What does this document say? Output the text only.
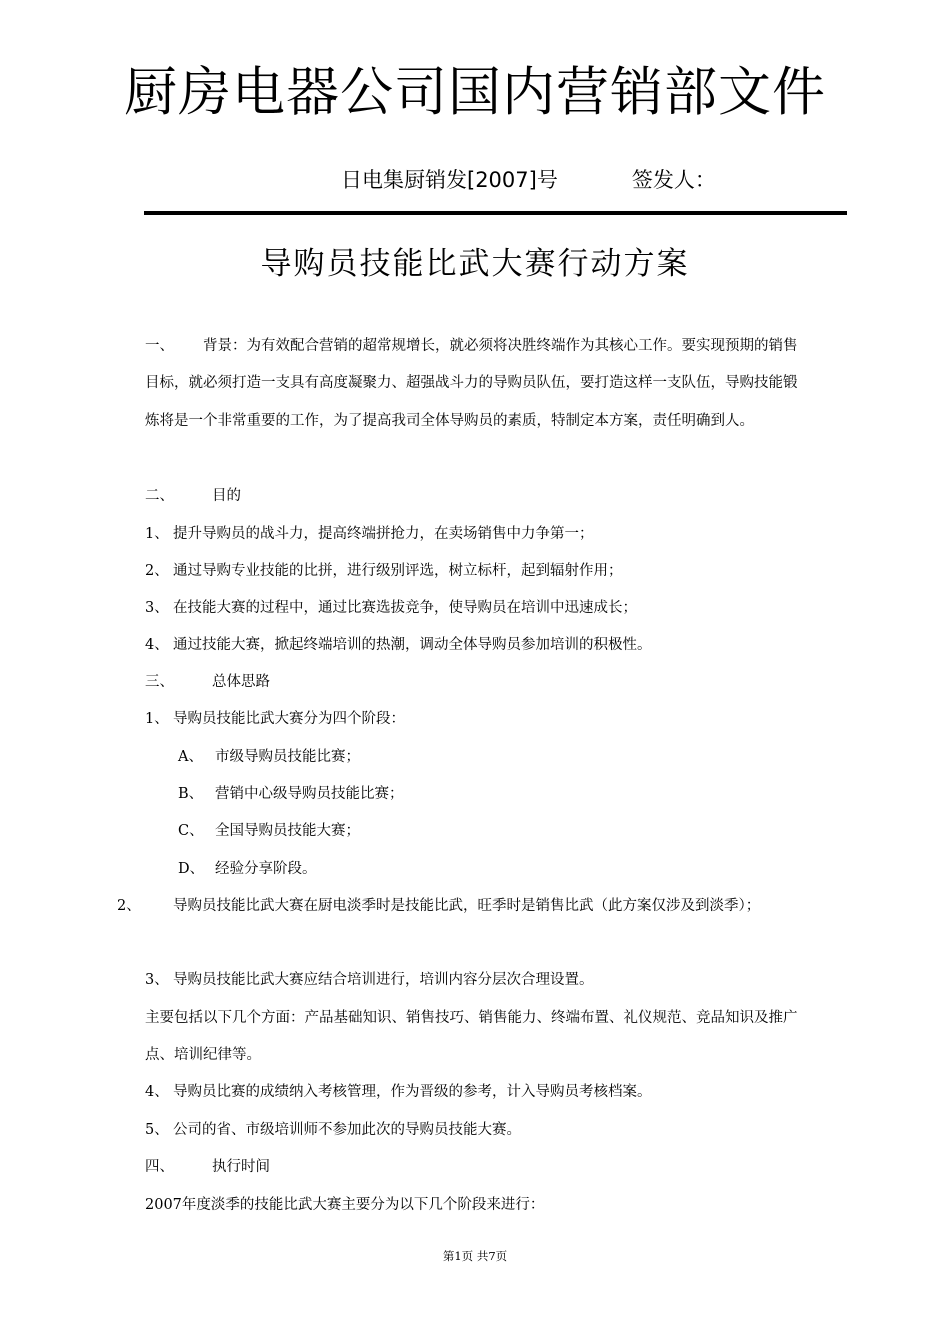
厨房电器公司国内营销部文件
日电集厨销发[2007]号	签发人：
导购员技能比武大赛行动方案
一、 背景：为有效配合营销的超常规增长，就必须将决胜终端作为其核心工作。要实现预期的销售目标，就必须打造一支具有高度凝聚力、超强战斗力的导购员队伍，要打造这样一支队伍，导购技能锻炼将是一个非常重要的工作，为了提高我司全体导购员的素质，特制定本方案，责任明确到人。
二、	目的
1、 提升导购员的战斗力，提高终端拼抢力，在卖场销售中力争第一；
2、 通过导购专业技能的比拼，进行级别评选，树立标杆，起到辐射作用；
3、 在技能大赛的过程中，通过比赛选拔竞争，使导购员在培训中迅速成长；
4、 通过技能大赛，掀起终端培训的热潮，调动全体导购员参加培训的积极性。
三、	总体思路
1、 导购员技能比武大赛分为四个阶段：
A、 市级导购员技能比赛；
B、 营销中心级导购员技能比赛；
C、 全国导购员技能大赛；
D、 经验分享阶段。
2、 导购员技能比武大赛在厨电淡季时是技能比武，旺季时是销售比武（此方案仅涉及到淡季）；
3、 导购员技能比武大赛应结合培训进行，培训内容分层次合理设置。
主要包括以下几个方面：产品基础知识、销售技巧、销售能力、终端布置、礼仪规范、竞品知识及推广点、培训纪律等。
4、 导购员比赛的成绩纳入考核管理，作为晋级的参考，计入导购员考核档案。
5、 公司的省、市级培训师不参加此次的导购员技能大赛。
四、	执行时间
2007年度淡季的技能比武大赛主要分为以下几个阶段来进行：
第1页 共7页
